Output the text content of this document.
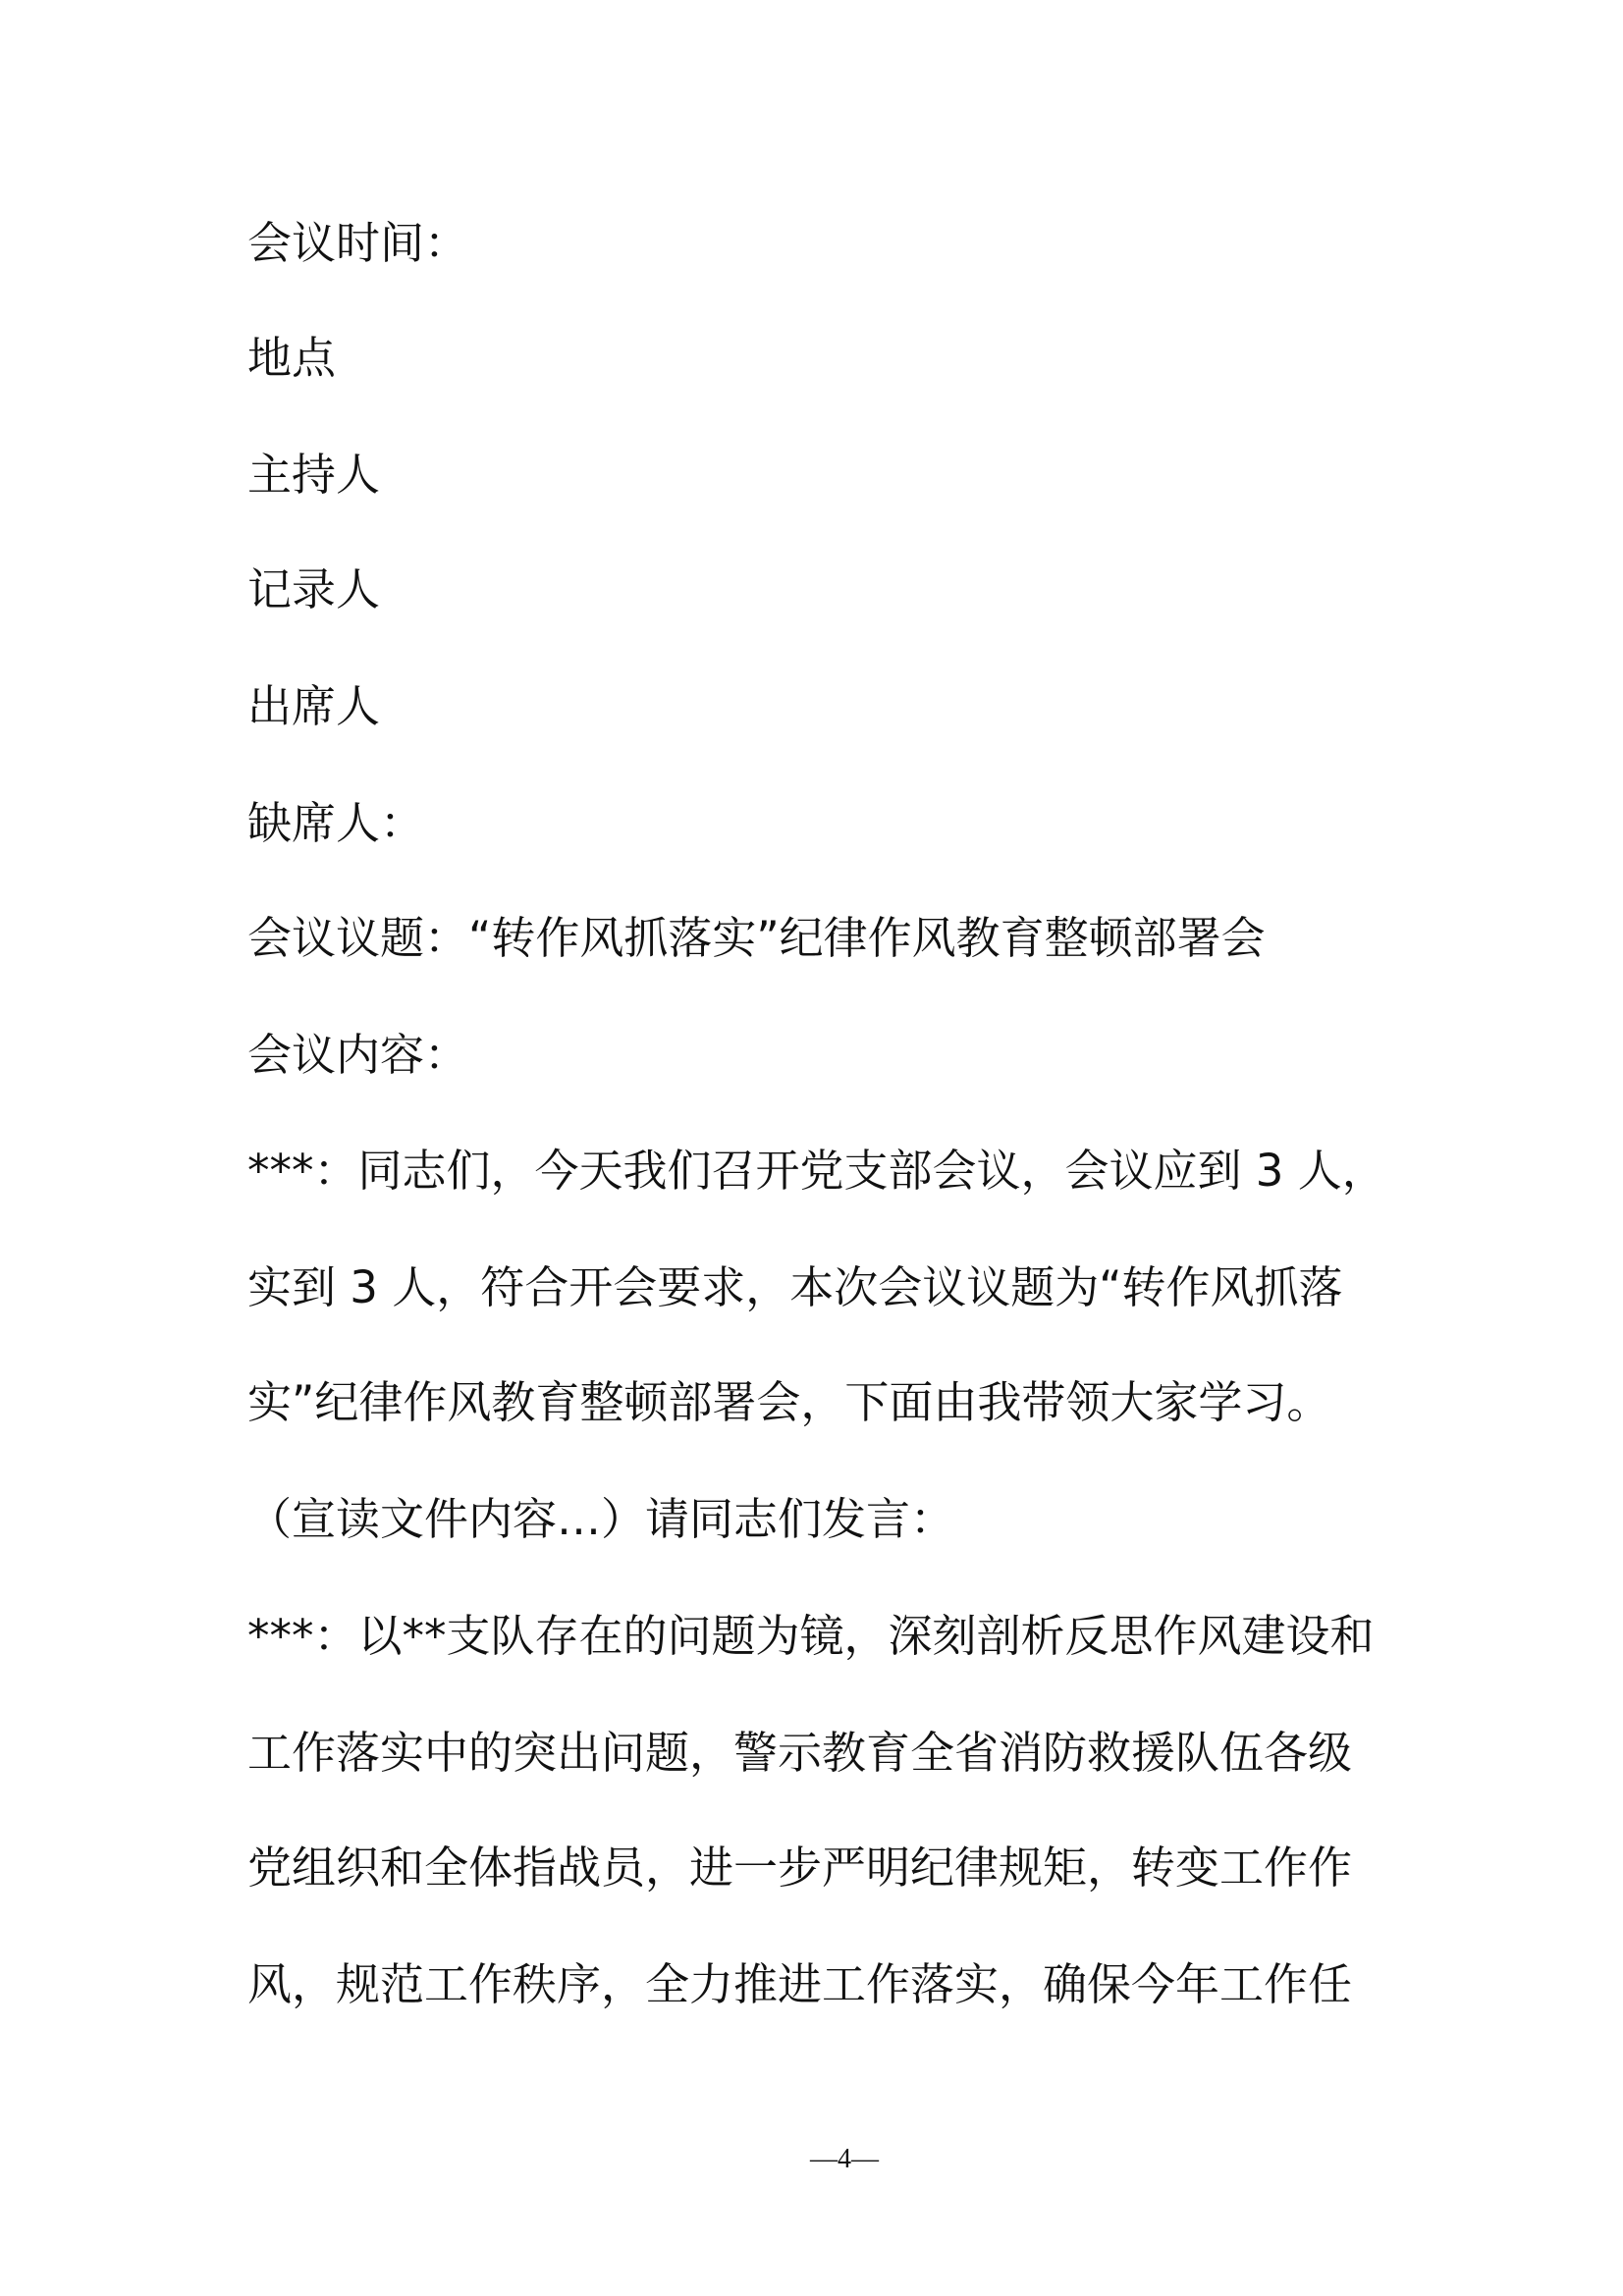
会议时间：

地点

主持人

记录人

出席人

缺席人：

会议议题：“转作风抓落实”纪律作风教育整顿部署会

会议内容：

***：同志们，今天我们召开党支部会议，会议应到 3 人，

实到 3 人，符合开会要求，本次会议议题为“转作风抓落

实”纪律作风教育整顿部署会，下面由我带领大家学习。

（宣读文件内容…）请同志们发言：

***：以**支队存在的问题为镜，深刻剖析反思作风建设和

工作落实中的突出问题，警示教育全省消防救援队伍各级

党组织和全体指战员，进一步严明纪律规矩，转变工作作

风，规范工作秩序，全力推进工作落实，确保今年工作任

—4—
